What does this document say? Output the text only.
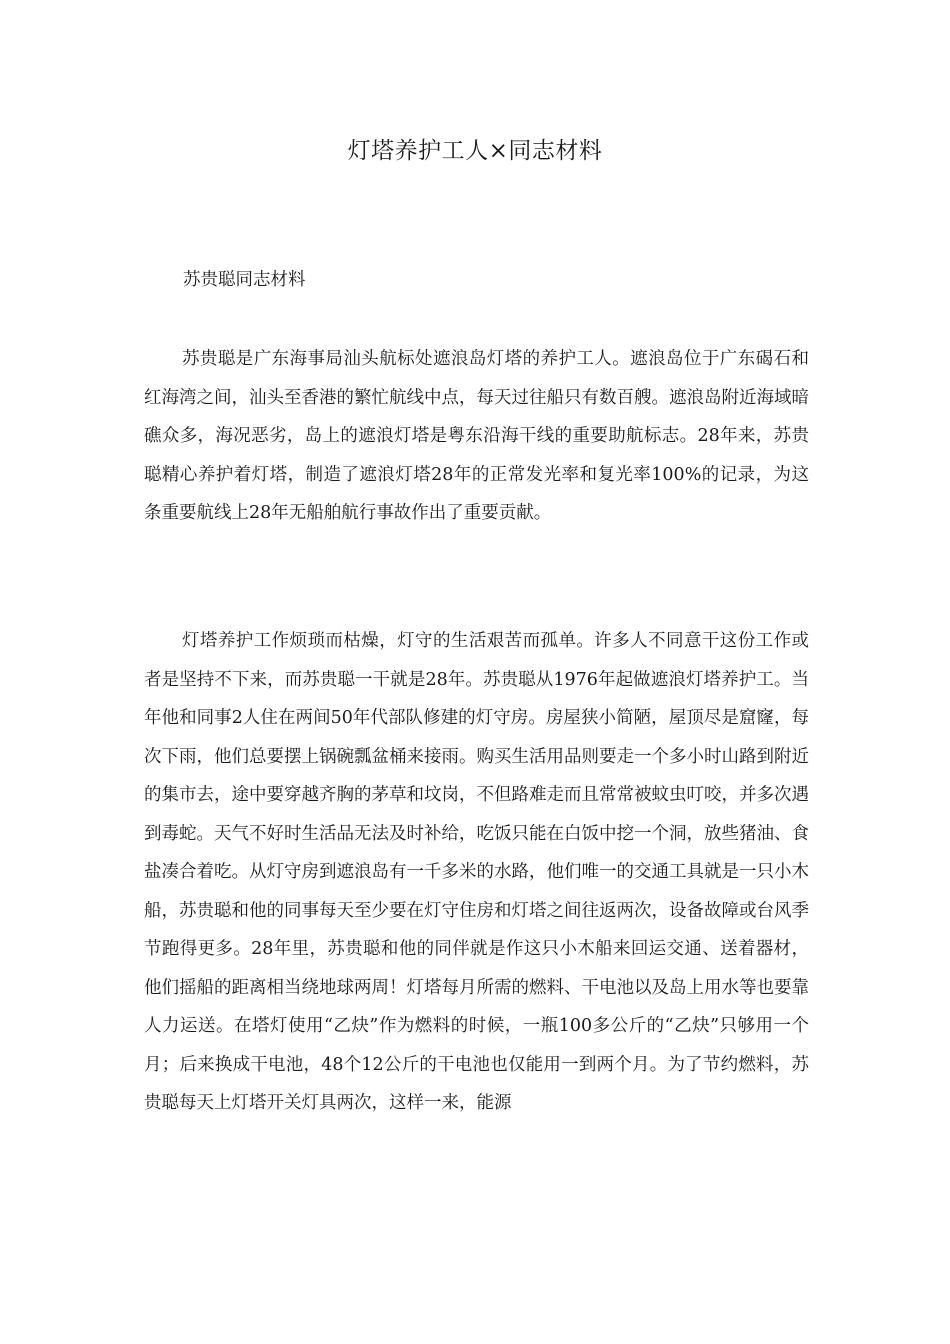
灯塔养护工人×同志材料
苏贵聪同志材料

苏贵聪是广东海事局汕头航标处遮浪岛灯塔的养护工人。遮浪岛位于广东碣石和红海湾之间，汕头至香港的繁忙航线中点，每天过往船只有数百艘。遮浪岛附近海域暗礁众多，海况恶劣，岛上的遮浪灯塔是粤东沿海干线的重要助航标志。28年来，苏贵聪精心养护着灯塔，制造了遮浪灯塔28年的正常发光率和复光率100%的记录，为这条重要航线上28年无船舶航行事故作出了重要贡献。

灯塔养护工作烦琐而枯燥，灯守的生活艰苦而孤单。许多人不同意干这份工作或者是坚持不下来，而苏贵聪一干就是28年。苏贵聪从1976年起做遮浪灯塔养护工。当年他和同事2人住在两间50年代部队修建的灯守房。房屋狭小简陋，屋顶尽是窟窿，每次下雨，他们总要摆上锅碗瓢盆桶来接雨。购买生活用品则要走一个多小时山路到附近的集市去，途中要穿越齐胸的茅草和坟岗，不但路难走而且常常被蚊虫叮咬，并多次遇到毒蛇。天气不好时生活品无法及时补给，吃饭只能在白饭中挖一个洞，放些猪油、食盐凑合着吃。从灯守房到遮浪岛有一千多米的水路，他们唯一的交通工具就是一只小木船，苏贵聪和他的同事每天至少要在灯守住房和灯塔之间往返两次，设备故障或台风季节跑得更多。28年里，苏贵聪和他的同伴就是作这只小木船来回运交通、送着器材，他们摇船的距离相当绕地球两周！灯塔每月所需的燃料、干电池以及岛上用水等也要靠人力运送。在塔灯使用“乙炔”作为燃料的时候，一瓶100多公斤的“乙炔”只够用一个月；后来换成干电池，48个12公斤的干电池也仅能用一到两个月。为了节约燃料，苏贵聪每天上灯塔开关灯具两次，这样一来，能源
